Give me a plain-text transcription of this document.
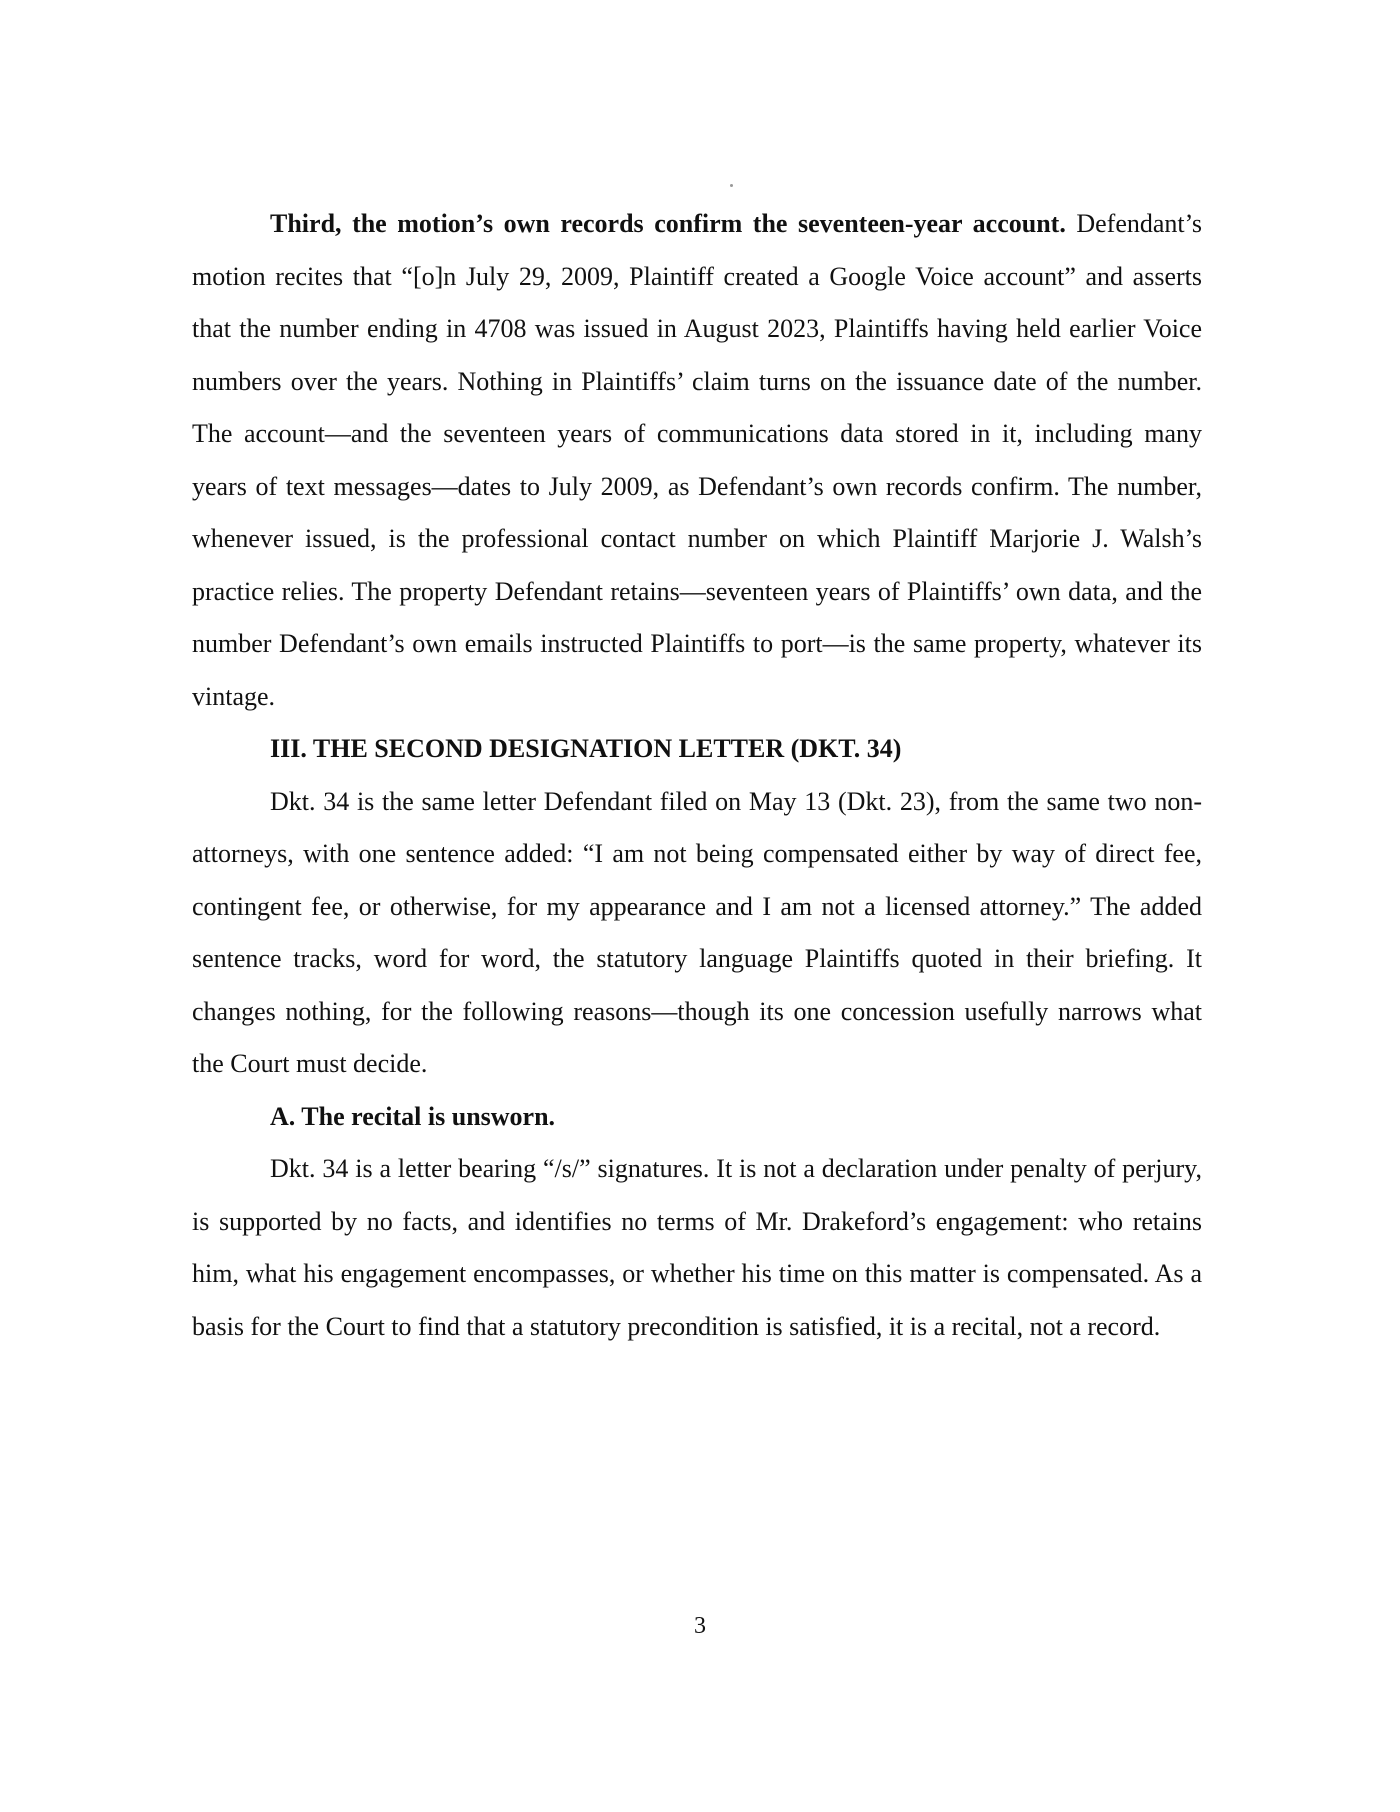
Third, the motion’s own records confirm the seventeen-year account. Defendant’s motion recites that “[o]n July 29, 2009, Plaintiff created a Google Voice account” and asserts that the number ending in 4708 was issued in August 2023, Plaintiffs having held earlier Voice numbers over the years. Nothing in Plaintiffs’ claim turns on the issuance date of the number. The account—and the seventeen years of communications data stored in it, including many years of text messages—dates to July 2009, as Defendant’s own records confirm. The number, whenever issued, is the professional contact number on which Plaintiff Marjorie J. Walsh’s practice relies. The property Defendant retains—seventeen years of Plaintiffs’ own data, and the number Defendant’s own emails instructed Plaintiffs to port—is the same property, whatever its vintage.

III. THE SECOND DESIGNATION LETTER (DKT. 34)

Dkt. 34 is the same letter Defendant filed on May 13 (Dkt. 23), from the same two non-attorneys, with one sentence added: “I am not being compensated either by way of direct fee, contingent fee, or otherwise, for my appearance and I am not a licensed attorney.” The added sentence tracks, word for word, the statutory language Plaintiffs quoted in their briefing. It changes nothing, for the following reasons—though its one concession usefully narrows what the Court must decide.

A. The recital is unsworn.

Dkt. 34 is a letter bearing “/s/” signatures. It is not a declaration under penalty of perjury, is supported by no facts, and identifies no terms of Mr. Drakeford’s engagement: who retains him, what his engagement encompasses, or whether his time on this matter is compensated. As a basis for the Court to find that a statutory precondition is satisfied, it is a recital, not a record.

3
